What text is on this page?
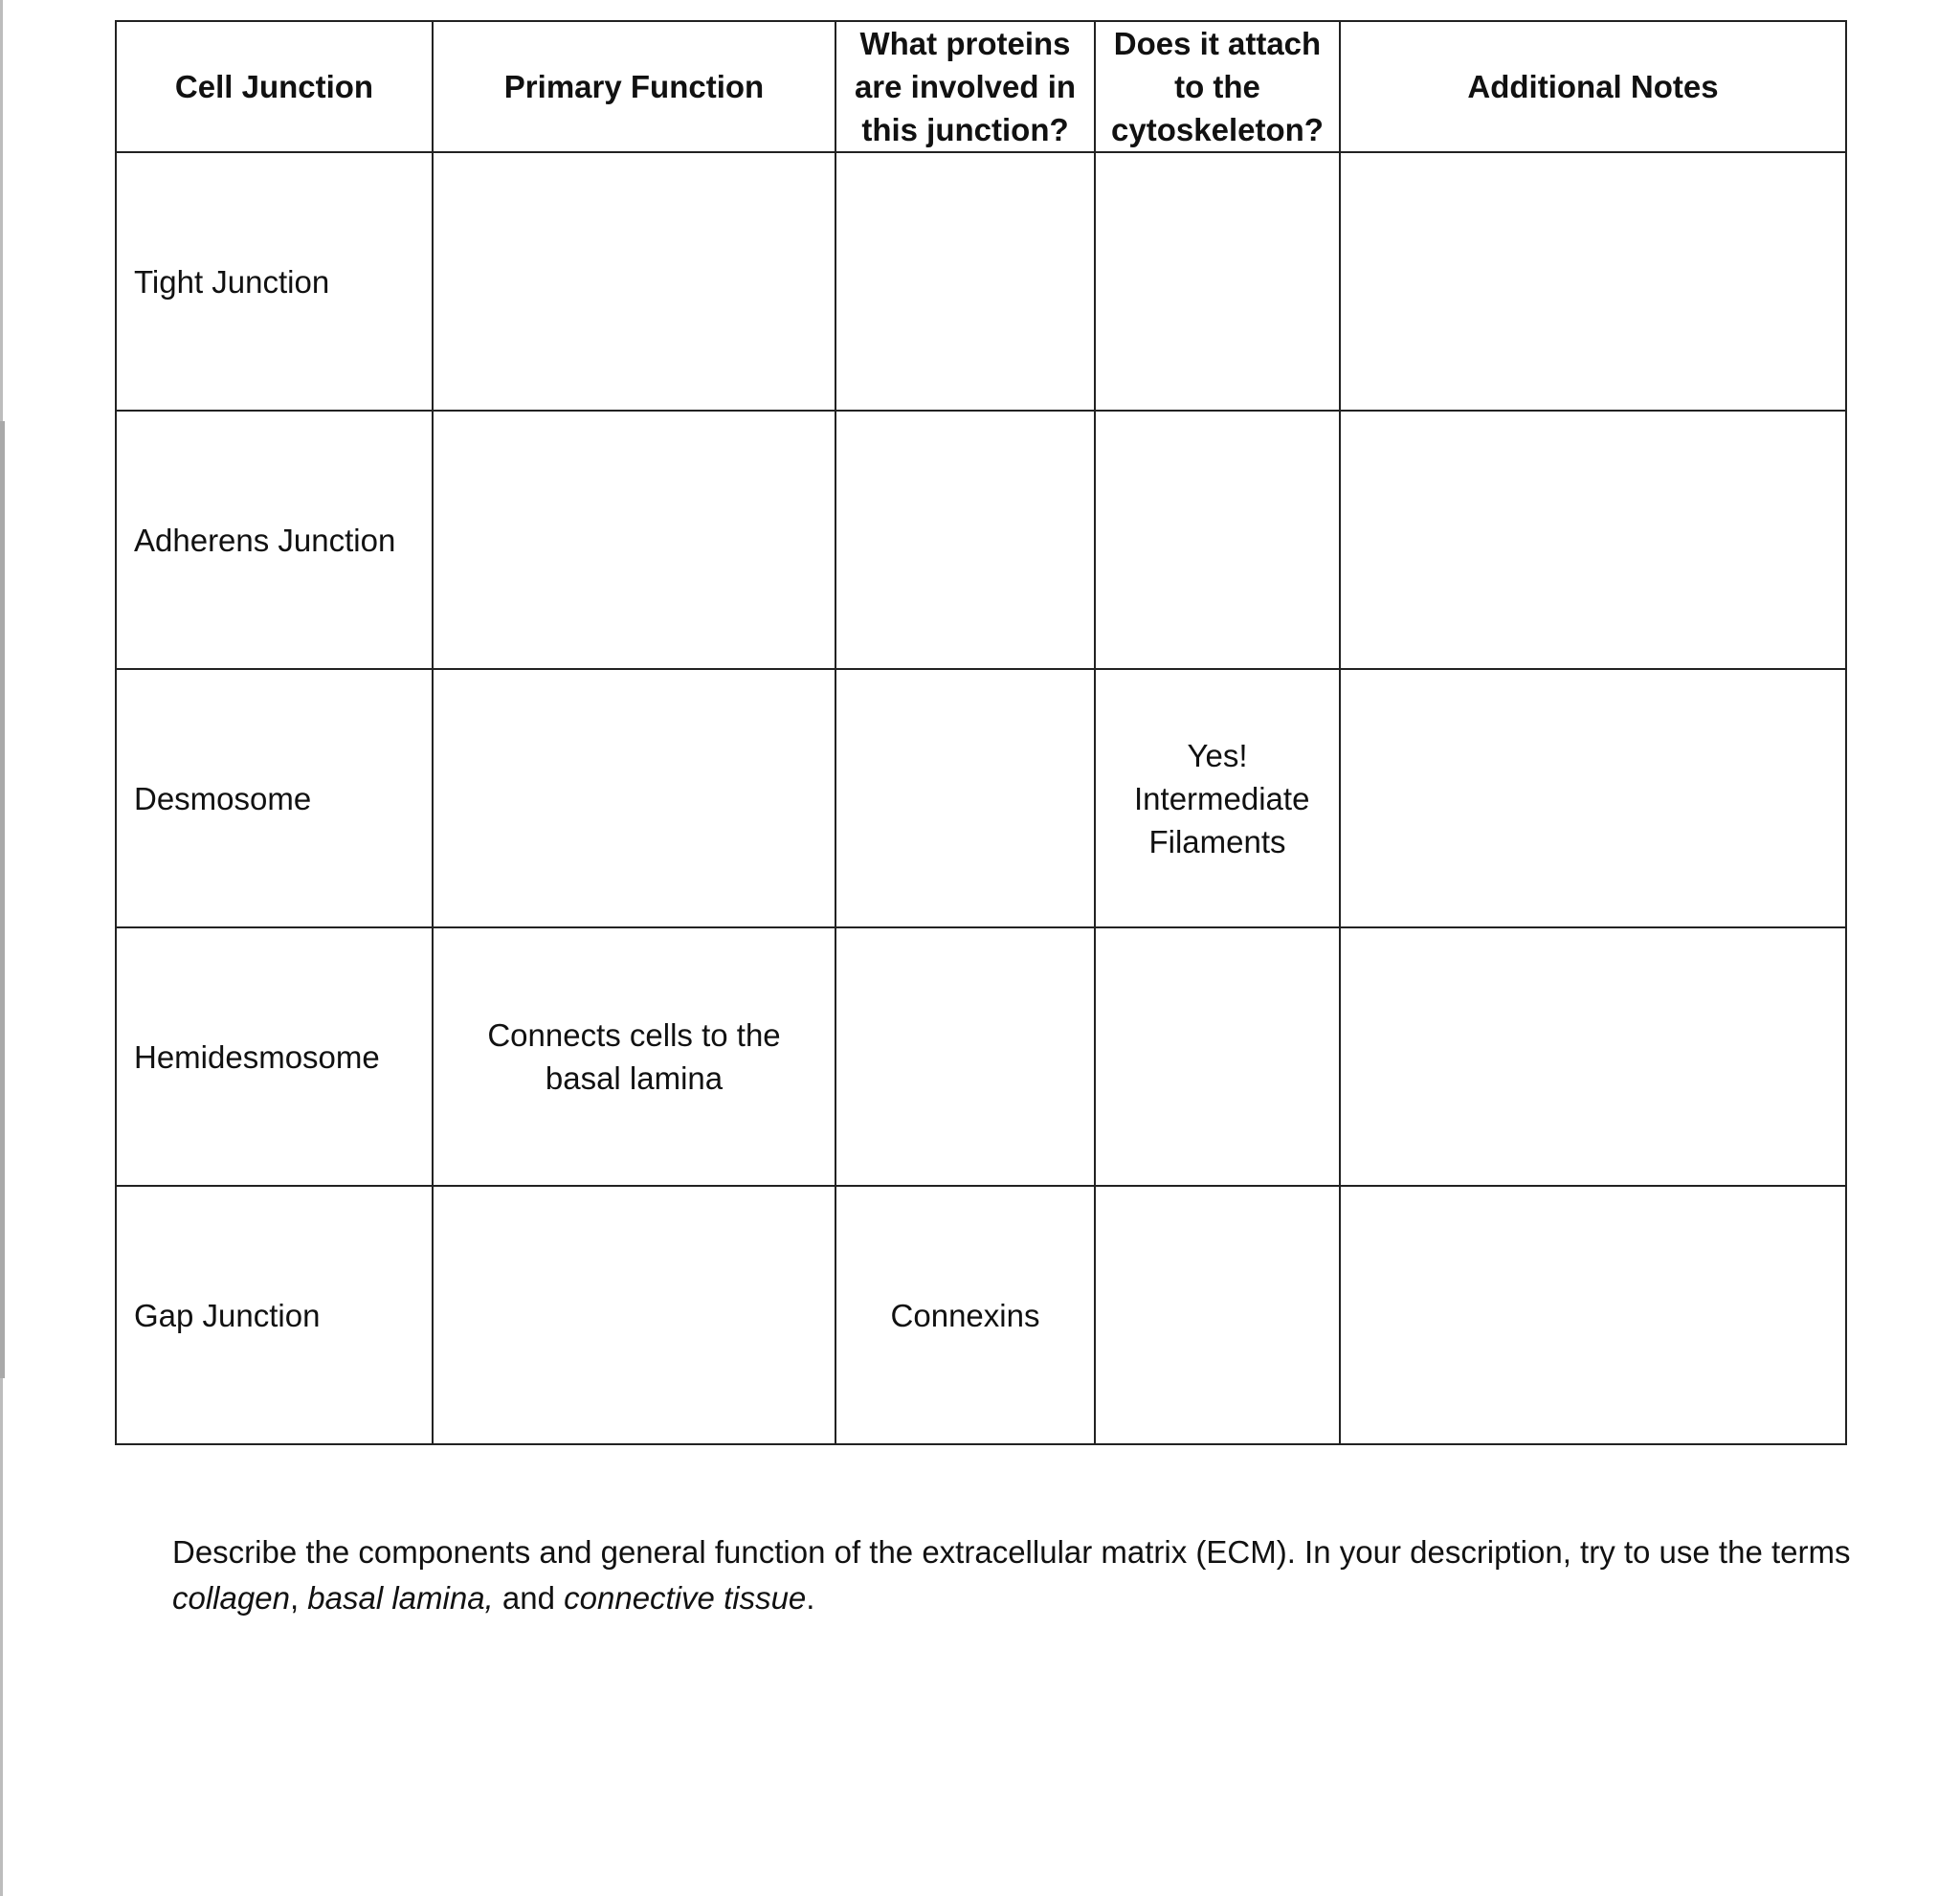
Cell Junction	Primary Function	What proteins are involved in this junction?	Does it attach to the cytoskeleton?	Additional Notes
Tight Junction				
Adherens Junction				
Desmosome			Yes! Intermediate Filaments	
Hemidesmosome	Connects cells to the basal lamina			
Gap Junction		Connexins		

Describe the components and general function of the extracellular matrix (ECM). In your description, try to use the terms collagen, basal lamina, and connective tissue.
